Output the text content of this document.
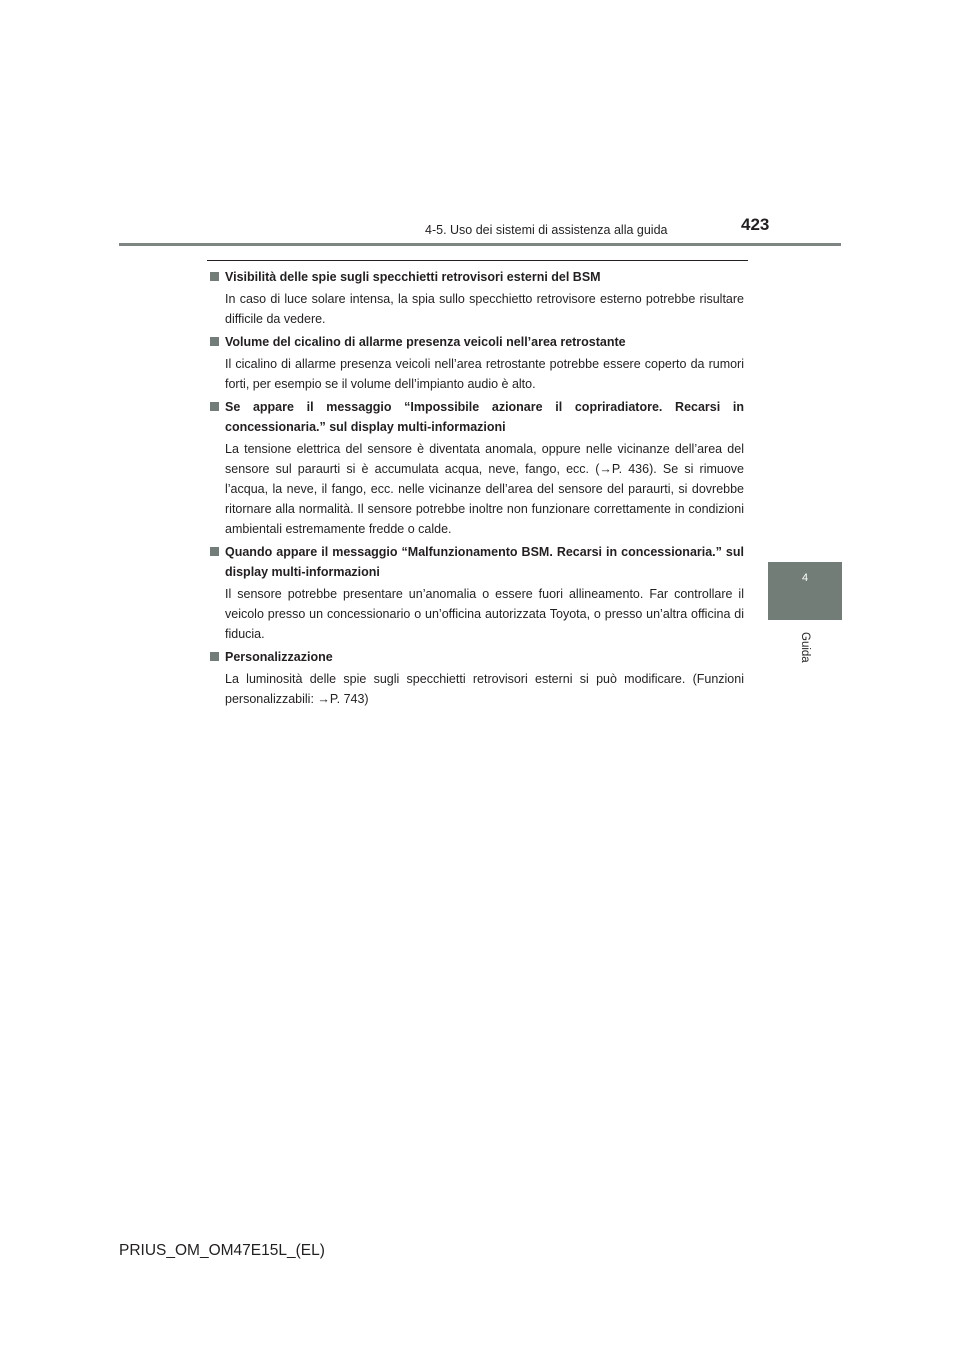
4-5. Uso dei sistemi di assistenza alla guida	423
4
Guida
Visibilità delle spie sugli specchietti retrovisori esterni del BSM
In caso di luce solare intensa, la spia sullo specchietto retrovisore esterno potrebbe risultare difficile da vedere.
Volume del cicalino di allarme presenza veicoli nell’area retrostante
Il cicalino di allarme presenza veicoli nell’area retrostante potrebbe essere coperto da rumori forti, per esempio se il volume dell’impianto audio è alto.
Se appare il messaggio “Impossibile azionare il copriradiatore. Recarsi in concessionaria.” sul display multi-informazioni
La tensione elettrica del sensore è diventata anomala, oppure nelle vicinanze dell’area del sensore sul paraurti si è accumulata acqua, neve, fango, ecc. (→P. 436). Se si rimuove l’acqua, la neve, il fango, ecc. nelle vicinanze dell’area del sensore del paraurti, si dovrebbe ritornare alla normalità. Il sensore potrebbe inoltre non funzionare correttamente in condizioni ambientali estremamente fredde o calde.
Quando appare il messaggio “Malfunzionamento BSM. Recarsi in concessionaria.” sul display multi-informazioni
Il sensore potrebbe presentare un’anomalia o essere fuori allineamento. Far controllare il veicolo presso un concessionario o un’officina autorizzata Toyota, o presso un’altra officina di fiducia.
Personalizzazione
La luminosità delle spie sugli specchietti retrovisori esterni si può modificare. (Funzioni personalizzabili: →P. 743)
PRIUS_OM_OM47E15L_(EL)
